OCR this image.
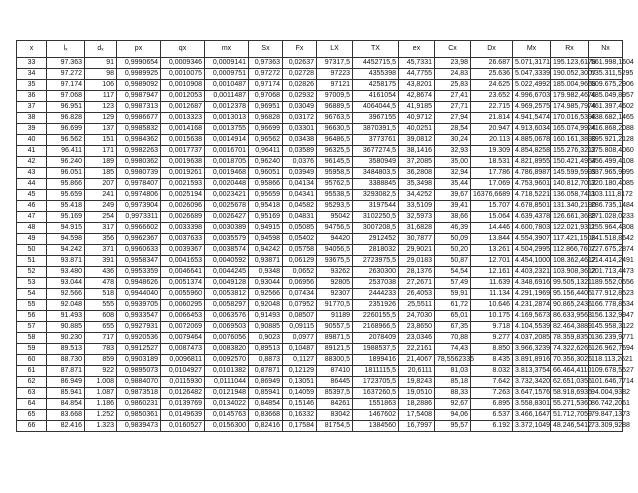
x	lₓ	dₓ	px	qx	mx	Sx	Fx	LX	TX	ex	Cx	Dx	Mx	Rx	Nx
33	97.363	91	0,9990654	0,0009346	0,0009141	0,97363	0,02637	97317,5	4452715,5	45,7331	23,98	26.687	5.071,3171	195.123,6178	561.998,1604
34	97.272	98	0,9989925	0,0010075	0,0009751	0,97272	0,02728	97223	4355398	44,7755	24,83	25.636	5.047,3339	190.052,3007	535.311,5295
35	97.174	106	0,9989092	0,0010908	0,0010487	0,97174	0,02826	97121	4258175	43,8201	25,83	24.625	5.022,4992	185.004,9668	509.675,2906
36	97.068	117	0,9987947	0,0012053	0,0011487	0,97068	0,02932	97009,5	4161054	42,8674	27,41	23.652	4.996,6703	179.982,4676	485.049,8957
37	96.951	123	0,9987313	0,0012687	0,0012378	0,96951	0,03049	96889,5	4064044,5	41,9185	27,71	22.715	4.969,2575	174.985,7974	461.397,4602
38	96.828	129	0,9986677	0,0013323	0,0013013	0,96828	0,03172	96763,5	3967155	40,9712	27,94	21.814	4.941,5474	170.016,5398	438.682,1465
39	96.699	137	0,9985832	0,0014168	0,0013755	0,96699	0,03301	96630,5	3870391,5	40,0251	28,54	20.947	4.913,6034	165.074,9924	416.868,2088
40	96.562	151	0,9984362	0,0015638	0,0014914	0,96562	0,03438	96486,5	3773761	39,0812	30,24	20.113	4.885,0678	160.161,3890	395.921,2128
41	96.411	171	0,9982263	0,0017737	0,0016701	0,96411	0,03589	96325,5	3677274,5	38,1416	32,93	19.309	4.854,8258	155.276,3212	375.808,4060
42	96.240	189	0,9980362	0,0019638	0,0018705	0,96240	0,0376	96145,5	3580949	37,2085	35,00	18.531	4.821,8955	150.421,4954	356.499,4108
43	96.051	185	0,9980739	0,0019261	0,0019468	0,96051	0,03949	95958,5	3484803,5	36,2808	32,94	17.786	4.786,8987	145.599,5999	337.965,9995
44	95.866	207	0,9978407	0,0021593	0,0020448	0,95866	0,04134	95762,5	3388845	35,3498	35,44	17.069	4.753,9601	140.812,7012	320.180,4085
45	95.659	241	0,9974806	0,0025194	0,0023421	0,95659	0,04341	95538,5	3293082,5	34,4252	39,67	16376,6689	4.718,5221	136.058,7411	303.111,8172
46	95.418	249	0,9973904	0,0026096	0,0025678	0,95418	0,04582	95293,5	3197544	33,5109	39,41	15.707	4.678,8501	131.340,2190	286.735,1484
47	95.169	254	0,9973311	0,0026689	0,0026427	0,95169	0,04831	95042	3102250,5	32,5973	38,66	15.064	4.639,4378	126.661,3689	271.028,0233
48	94.915	317	0,9966602	0,0033398	0,0030389	0,94915	0,05085	94756,5	3007208,5	31,6828	46,39	14.446	4.600,7803	122.021,9311	255.964,4308
49	94.598	356	0,9962367	0,0037633	0,0035579	0,94598	0,05402	94420	2912452	30,7877	50,09	13.844	4.554,3907	117.421,1508	241.518,8642
50	94.242	371	0,9960633	0,0039367	0,0038574	0,94242	0,05758	94056,5	2818032	29,9021	50,20	13.261	4.504,2995	112.866,7607	227.675,2874
51	93.871	391	0,9958347	0,0041653	0,0040592	0,93871	0,06129	93675,5	2723975,5	29,0183	50,87	12.701	4.454,1000	108.362,4612	214.414,2491
52	93.480	436	0,9953359	0,0046641	0,0044245	0,9348	0,0652	93262	2630300	28,1376	54,54	12.161	4.403,2321	103.908,3612	201.713,4473
53	93.044	478	0,9948626	0,0051374	0,0049128	0,93044	0,06956	92805	2537038	27,2671	57,49	11.639	4.348,6916	99.505,1321	189.552,0556
54	92.566	518	0,9944040	0,0055960	0,0053812	0,92566	0,07434	92307	2444233	26,4053	59,91	11.134	4.291,1969	95.156,4405	177.912,8523
55	92.048	555	0,9939705	0,0060295	0,0058297	0,92048	0,07952	91770,5	2351926	25,5511	61,72	10.646	4.231,2874	90.865,2436	166.778,8534
56	91.493	608	0,9933547	0,0066453	0,0063576	0,91493	0,08507	91189	2260155,5	24,7030	65,01	10.175	4.169,5673	86.633,9563	156.132,9947
57	90.885	655	0,9927931	0,0072069	0,0069503	0,90885	0,09115	90557,5	2168966,5	23,8650	67,35	9.718	4.104,5539	82.464,3889	145.958,3122
58	90.230	717	0,9920536	0,0079464	0,0076056	0,9023	0,0977	89871,5	2078409	23,0346	70,88	9.277	4.037,2085	78.359,8350	136.239,9771
59	89.513	783	0,9912527	0,0087473	0,0083820	0,89513	0,10487	89121,5	1988537,5	22,2161	74,43	8.850	3.966,3239	74.322,6265	126.962,7694
60	88.730	859	0,9903189	0,0096811	0,0092570	0,8873	0,1127	88300,5	1899416	21,4067	78,5562335	8.435	3.891,8916	70.356,3026	118.113,2621
61	87.871	922	0,9895073	0,0104927	0,0101382	0,87871	0,12129	87410	1811115,5	20,6111	81,03	8.032	3.813,3754	66.464,4110	109.678,5527
62	86.949	1.008	0,9884070	0,0115930	0,0111044	0,86949	0,13051	86445	1723705,5	19,8243	85,18	7.642	3.732,3420	62.651,0356	101.646,7714
63	85.941	1.087	0,9873518	0,0126482	0,0121948	0,85941	0,14059	85397,5	1637260,5	19,0510	88,33	7.263	3.647,1576	58.918,6936	94.004,9382
64	84.854	1.186	0,9860231	0,0139769	0,0134022	0,84854	0,15146	84261	1551863	18,2886	92,67	6.895	3.558,8301	55.271,5360	86.742,2061
65	83.668	1.252	0,9850361	0,0149639	0,0145763	0,83668	0,16332	83042	1467602	17,5408	94,06	6.537	3.466,1647	51.712,7059	79.847,1373
66	82.416	1.323	0,9839473	0,0160527	0,0156300	0,82416	0,17584	81754,5	1384560	16,7997	95,57	6.192	3.372,1049	48.246,5412	73.309,9288
